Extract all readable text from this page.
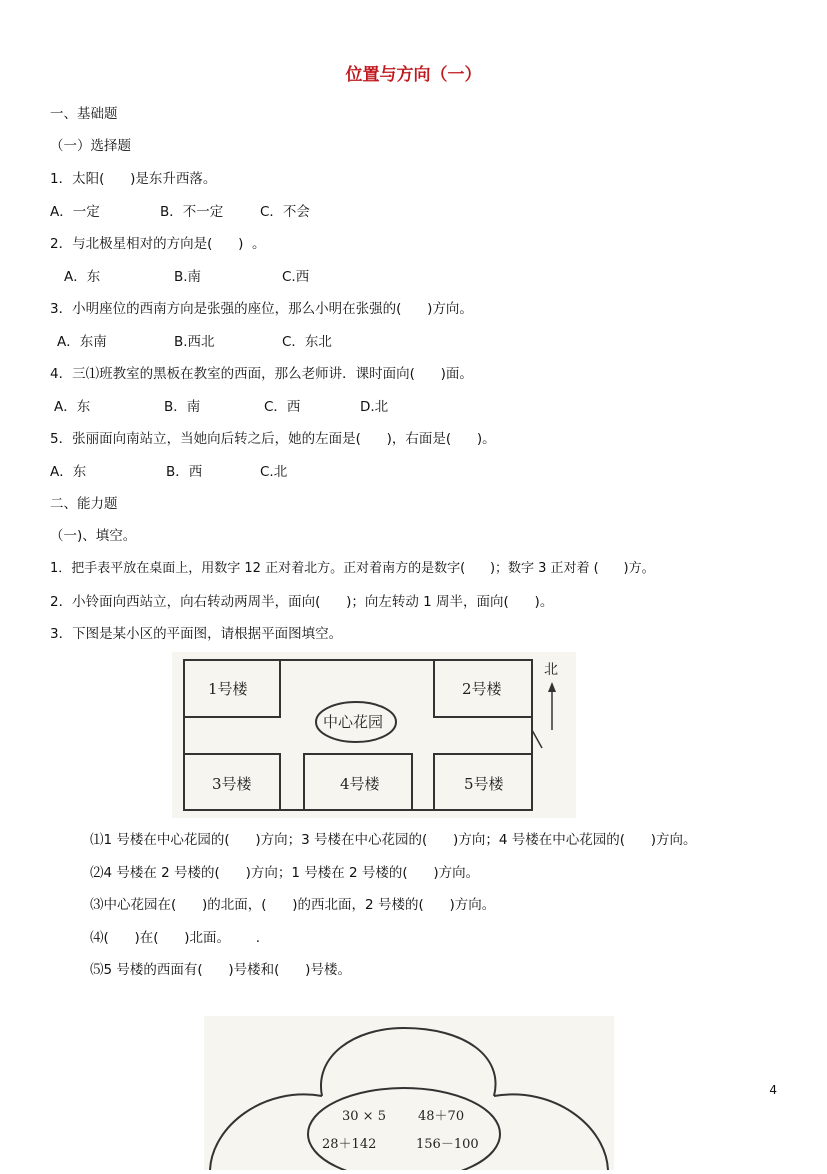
位置与方向（一）
一、基础题
（一）选择题
1．太阳(      )是东升西落。
A．一定	B．不一定	C．不会
2．与北极星相对的方向是(      )  。
A．东	B.南	C.西
3．小明座位的西南方向是张强的座位，那么小明在张强的(      )方向。
A．东南	B.西北	C．东北
4．三⑴班教室的黑板在教室的西面，那么老师讲．课时面向(      )面。
A．东	B．南	C．西	D.北
5．张丽面向南站立，当她向后转之后，她的左面是(      )，右面是(      )。
A．东	B．西	C.北
二、能力题
（一)、填空。
1．把手表平放在桌面上，用数字 12 正对着北方。正对着南方的是数字(      )；数字 3 正对着 (      )方。
2．小铃面向西站立，向右转动两周半，面向(      )；向左转动 1 周半，面向(      )。
3．下图是某小区的平面图，请根据平面图填空。
1号楼	2号楼
3号楼	4号楼	5号楼
中心花园
北
⑴1 号楼在中心花园的(      )方向；3 号楼在中心花园的(      )方向；4 号楼在中心花园的(      )方向。
⑵4 号楼在 2 号楼的(      )方向；1 号楼在 2 号楼的(      )方向。
⑶中心花园在(      )的北面，(      )的西北面，2 号楼的(      )方向。
⑷(      )在(      )北面。      .
⑸5 号楼的西面有(      )号楼和(      )号楼。
30 × 5 48＋70
28＋142	156－100
4
